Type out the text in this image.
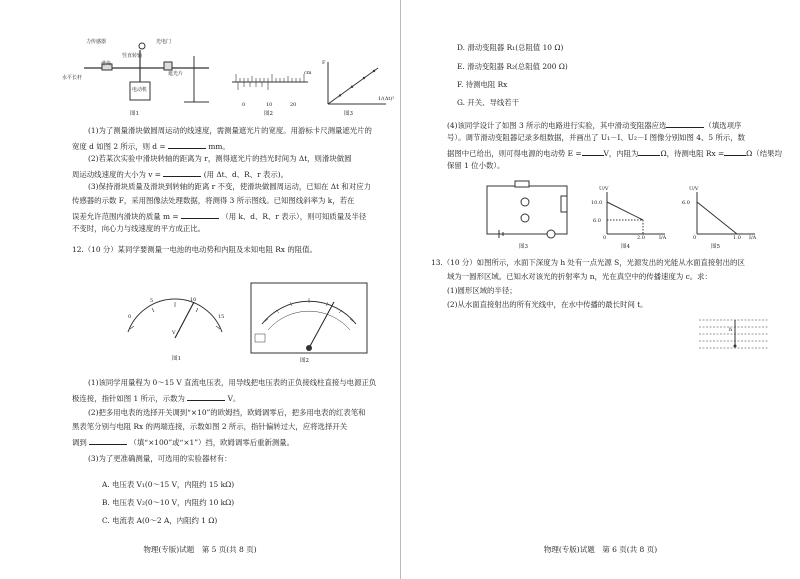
力传感器	光电门
竖直转轴
滑块
遮光片
水平长杆
电动机
图1
0	10	20
cm
图2
F
1/(Δt)²
图3
(1)为了测量滑块做圆周运动的线速度，需测量遮光片的宽度。用游标卡尺测量遮光片的
宽度 d 如图 2 所示，则 d =	mm。
(2)若某次实验中滑块转轴的距离为 r，测得遮光片的挡光时间为 Δt，则滑块做圆
周运动线速度的大小为 v =	(用 Δt、d、R、r 表示)。
(3)保持滑块质量及滑块到转轴的距离 r 不变，使滑块做圆周运动，已知在 Δt 和对应力
传感器的示数 F，采用图像法处理数据，将测得 3 所示图线。已知图线斜率为 k，若在
误差允许范围内滑块的质量 m =	（用 k、d、R、r 表示），则可知质量及半径
不变时，向心力与线速度的平方成正比。
12.（10 分）某同学要测量一电池的电动势和内阻及未知电阻 Rx 的阻值。
0
5	10
15
V
图1	图2
(1)该同学用量程为 0～15 V 直流电压表，用导线把电压表的正负接线柱直接与电源正负
极连接，指针如图 1 所示，示数为	V。
(2)把多用电表的选择开关调到“×10”的欧姆挡，欧姆调零后，把多用电表的红表笔和
黑表笔分别与电阻 Rx 的两端连接，示数如图 2 所示，指针偏转过大，应将选择开关
调到	（填“×100”或“×1”）挡，欧姆调零后重新测量。
(3)为了更准确测量，可选用的实验器材有：
A. 电压表 V₁(0～15 V，内阻约 15 kΩ)
B. 电压表 V₂(0～10 V，内阻约 10 kΩ)
C. 电流表 A(0～2 A，内阻约 1 Ω)
物理(专版)试题　第 5 页(共 8 页)
D. 滑动变阻器 R₁(总阻值 10 Ω)
E. 滑动变阻器 R₂(总阻值 200 Ω)
F. 待测电阻 Rx
G. 开关、导线若干
(4)该同学设计了如图 3 所示的电路进行实验，其中滑动变阻器应选	（填选项序
号）。调节滑动变阻器记录多组数据，并画出了 U₁－I、U₂－I 图像分别如图 4、5 所示，数
据图中已给出，则可得电源的电动势 E =	V，内阻为	Ω，待测电阻 Rx =	Ω（结果均
保留 1 位小数）。
图3
U/V
10.0
6.0
0	2.0	I/A
图4
U/V
6.0
0	1.0 I/A
图5
13.（10 分）如图所示，水面下深度为 h 处有一点光源 S，光源发出的光能从水面直接射出的区
域为一圆形区域。已知水对该光的折射率为 n，光在真空中的传播速度为 c。求：
(1)圆形区域的半径；
(2)从水面直接射出的所有光线中，在水中传播的最长时间 t。
h
物理(专版)试题　第 6 页(共 8 页)
